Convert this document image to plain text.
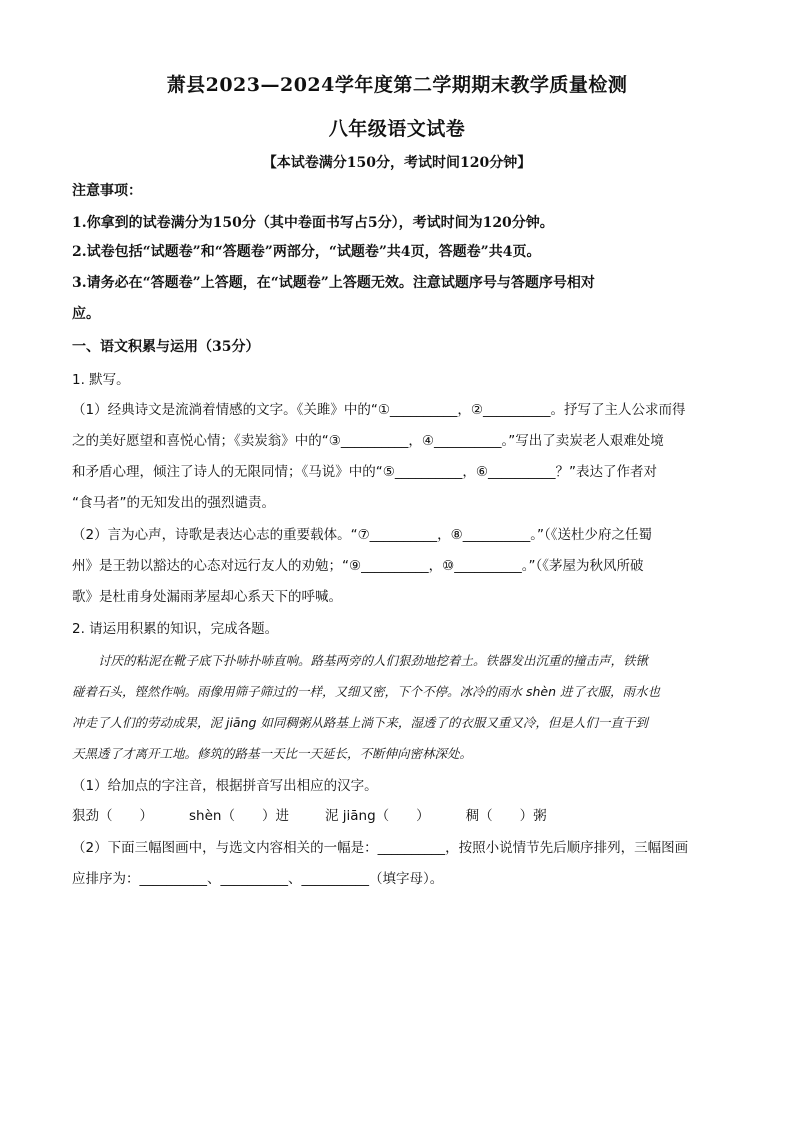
萧县2023—2024学年度第二学期期末教学质量检测
八年级语文试卷
【本试卷满分150分，考试时间120分钟】
注意事项：
1.你拿到的试卷满分为150分（其中卷面书写占5分），考试时间为120分钟。
2.试卷包括“试题卷”和“答题卷”两部分，“试题卷”共4页，答题卷”共4页。
3.请务必在“答题卷”上答题，在“试题卷”上答题无效。注意试题序号与答题序号相对
应。
一、语文积累与运用（35分）
1. 默写。
（1）经典诗文是流淌着情感的文字。《关雎》中的“①__________，②__________。抒写了主人公求而得
之的美好愿望和喜悦心情；《卖炭翁》中的“③__________，④__________。”写出了卖炭老人艰难处境
和矛盾心理，倾注了诗人的无限同情；《马说》中的“⑤__________，⑥__________？”表达了作者对
“食马者”的无知发出的强烈谴责。
（2）言为心声，诗歌是表达心志的重要载体。“⑦__________，⑧__________。”（《送杜少府之任蜀
州》是王勃以豁达的心态对远行友人的劝勉；“⑨__________，⑩__________。”（《茅屋为秋风所破
歌》是杜甫身处漏雨茅屋却心系天下的呼喊。
2. 请运用积累的知识，完成各题。
讨厌的粘泥在靴子底下扑哧扑哧直响。路基两旁的人们狠劲地挖着土。铁器发出沉重的撞击声，铁锹
碰着石头，铿然作响。雨像用筛子筛过的一样，又细又密，下个不停。冰冷的雨水 shèn 进了衣服，雨水也
冲走了人们的劳动成果，泥 jiāng 如同稠粥从路基上淌下来，湿透了的衣服又重又冷，但是人们一直干到
天黑透了才离开工地。修筑的路基一天比一天延长，不断伸向密林深处。
（1）给加点的字注音，根据拼音写出相应的汉字。
狠劲（　　）	shèn（　　）进	泥 jiāng（　　）	稠（　　）粥
（2）下面三幅图画中，与选文内容相关的一幅是：__________，按照小说情节先后顺序排列，三幅图画
应排序为：__________、__________、__________（填字母）。
